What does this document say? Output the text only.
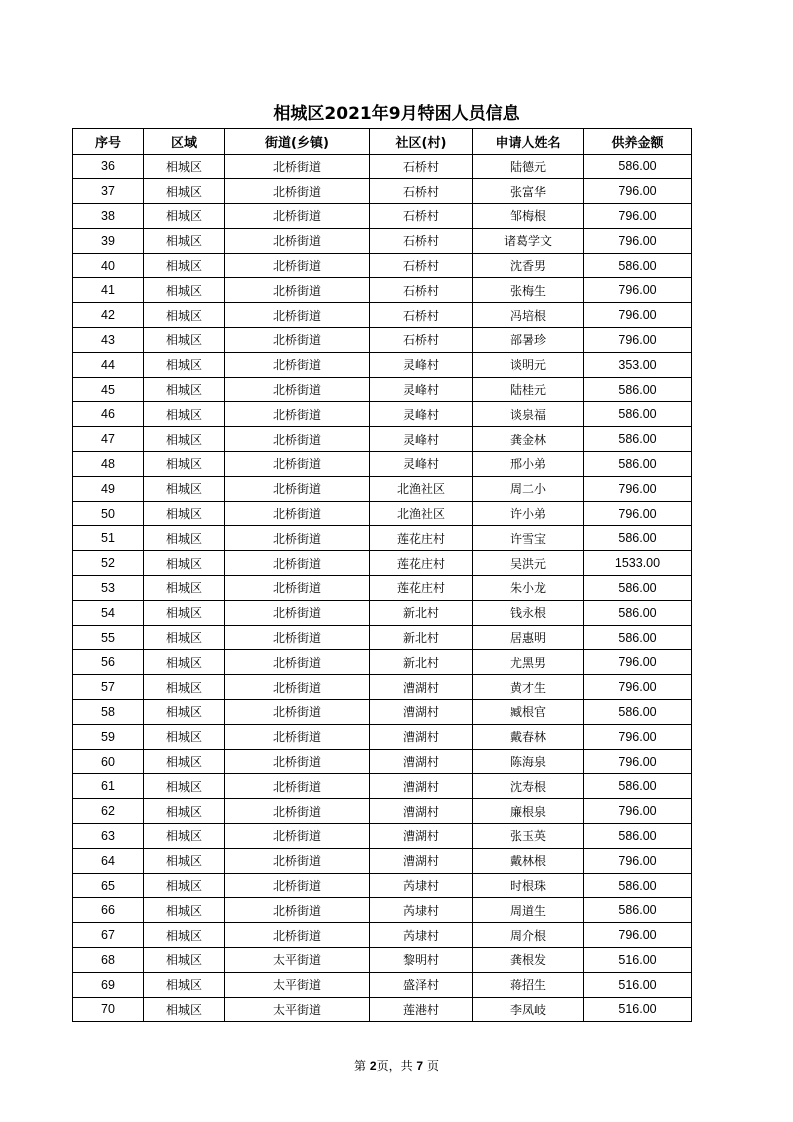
相城区2021年9月特困人员信息
序号	区域	街道(乡镇)	社区(村)	申请人姓名	供养金额
36	相城区	北桥街道	石桥村	陆德元	586.00
37	相城区	北桥街道	石桥村	张富华	796.00
38	相城区	北桥街道	石桥村	邹梅根	796.00
39	相城区	北桥街道	石桥村	诸葛学文	796.00
40	相城区	北桥街道	石桥村	沈香男	586.00
41	相城区	北桥街道	石桥村	张梅生	796.00
42	相城区	北桥街道	石桥村	冯培根	796.00
43	相城区	北桥街道	石桥村	部暑珍	796.00
44	相城区	北桥街道	灵峰村	谈明元	353.00
45	相城区	北桥街道	灵峰村	陆桂元	586.00
46	相城区	北桥街道	灵峰村	谈泉福	586.00
47	相城区	北桥街道	灵峰村	龚金林	586.00
48	相城区	北桥街道	灵峰村	邢小弟	586.00
49	相城区	北桥街道	北渔社区	周二小	796.00
50	相城区	北桥街道	北渔社区	许小弟	796.00
51	相城区	北桥街道	莲花庄村	许雪宝	586.00
52	相城区	北桥街道	莲花庄村	吴洪元	1533.00
53	相城区	北桥街道	莲花庄村	朱小龙	586.00
54	相城区	北桥街道	新北村	钱永根	586.00
55	相城区	北桥街道	新北村	居惠明	586.00
56	相城区	北桥街道	新北村	尤黑男	796.00
57	相城区	北桥街道	漕湖村	黄才生	796.00
58	相城区	北桥街道	漕湖村	臧根官	586.00
59	相城区	北桥街道	漕湖村	戴春林	796.00
60	相城区	北桥街道	漕湖村	陈海泉	796.00
61	相城区	北桥街道	漕湖村	沈寿根	586.00
62	相城区	北桥街道	漕湖村	廉根泉	796.00
63	相城区	北桥街道	漕湖村	张玉英	586.00
64	相城区	北桥街道	漕湖村	戴林根	796.00
65	相城区	北桥街道	芮埭村	时根珠	586.00
66	相城区	北桥街道	芮埭村	周道生	586.00
67	相城区	北桥街道	芮埭村	周介根	796.00
68	相城区	太平街道	黎明村	龚根发	516.00
69	相城区	太平街道	盛泽村	蒋招生	516.00
70	相城区	太平街道	莲港村	李凤岐	516.00
第 2页，共 7 页
